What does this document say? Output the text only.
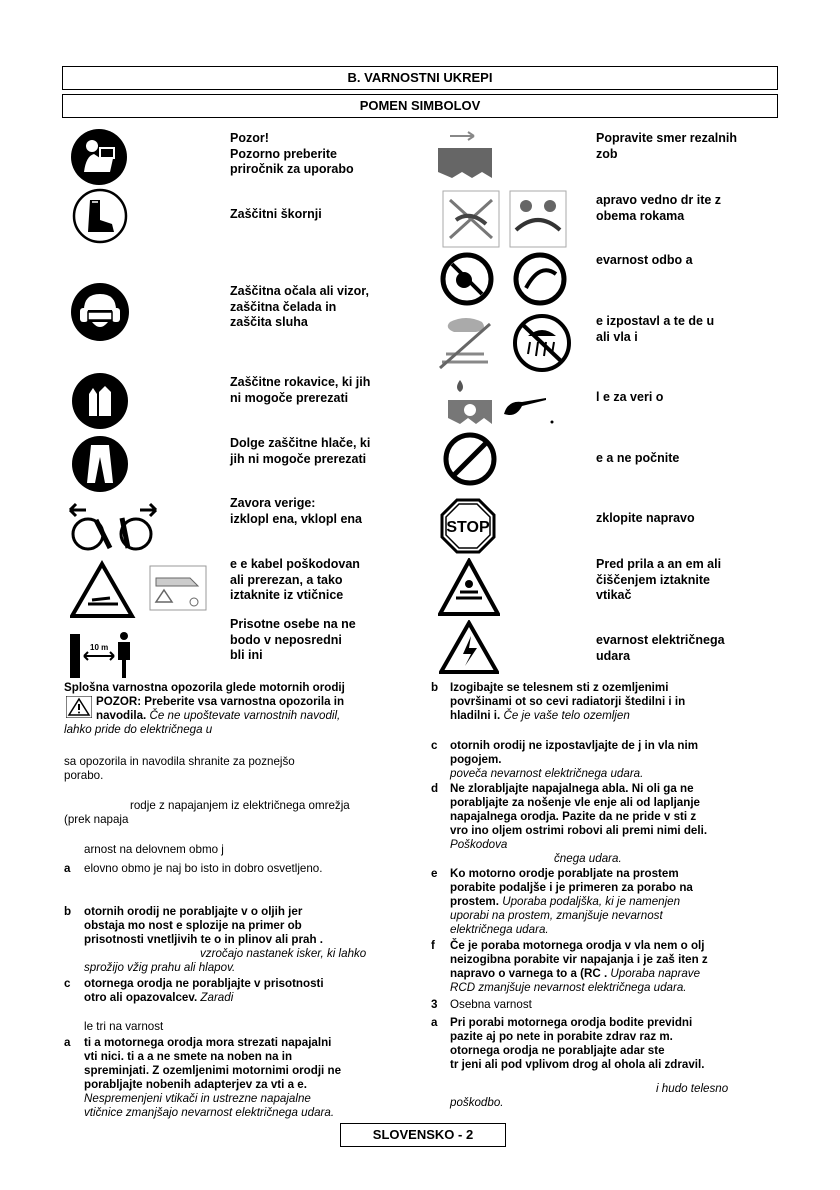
B. VARNOSTNI UKREPI
POMEN SIMBOLOV
10 m
Pozor!
Pozorno preberite
priročnik za uporabo
Zaščitni škornji
Zaščitna očala ali vizor,
zaščitna čelada in
zaščita sluha
Zaščitne rokavice, ki jih
ni mogoče prerezati
Dolge zaščitne hlače, ki
jih ni mogoče prerezati
Zavora verige:
izklopl ena, vklopl ena
e e kabel poškodovan
ali prerezan, a tako
iztaknite iz vtičnice
Prisotne osebe na ne
bodo v neposredni
bli ini
STOP
Popravite smer rezalnih
zob
apravo vedno dr ite z
obema rokama
evarnost odbo a
e izpostavl a te de u
ali vla i
l e za veri o
e a ne počnite
zklopite napravo
Pred prila a an em ali
čiščenjem iztaknite
vtikač
evarnost električnega
udara
Splošna varnostna opozorila glede motornih orodij
POZOR: Preberite vsa varnostna opozorila in
navodila. Če ne upoštevate varnostnih navodil,
lahko pride do električnega u
sa opozorila in navodila shranite za poznejšo
porabo.
rodje z napajanjem iz električnega omrežja
(prek napaja
arnost na delovnem obmo j
a elovno obmo je naj bo isto in dobro osvetljeno.
b otornih orodij ne porabljajte v o oljih jer
obstaja mo nost e splozije na primer ob
prisotnosti vnetljivih te o in plinov ali prah .
vzročajo nastanek isker, ki lahko
sprožijo vžig prahu ali hlapov.
c otornega orodja ne porabljajte v prisotnosti
otro ali opazovalcev. Zaradi
le tri na varnost
a ti a motornega orodja mora strezati napajalni
vti nici. ti a a ne smete na noben na in
spreminjati. Z ozemljenimi motornimi orodji ne
porabljajte nobenih adapterjev za vti a e.
Nespremenjeni vtikači in ustrezne napajalne
vtičnice zmanjšajo nevarnost električnega udara.
b Izogibajte se telesnem sti z ozemljenimi
površinami ot so cevi radiatorji štedilni i in
hladilni i. Če je vaše telo ozemljen
c otornih orodij ne izpostavljajte de j in vla nim
pogojem.
poveča nevarnost električnega udara.
d Ne zlorabljajte napajalnega abla. Ni oli ga ne
porabljajte za nošenje vle enje ali od lapljanje
napajalnega orodja. Pazite da ne pride v sti z
vro ino oljem ostrimi robovi ali premi nimi deli.
Poškodova
čnega udara.
e Ko motorno orodje porabljate na prostem
porabite podaljše i je primeren za porabo na
prostem. Uporaba podaljška, ki je namenjen
uporabi na prostem, zmanjšuje nevarnost
električnega udara.
f Če je poraba motornega orodja v vla nem o olj
neizogibna porabite vir napajanja i je zaš iten z
napravo o varnega to a (RC . Uporaba naprave
RCD zmanjšuje nevarnost električnega udara.
3 Osebna varnost
a Pri porabi motornega orodja bodite previdni
pazite aj po nete in porabite zdrav raz m.
otornega orodja ne porabljajte adar ste
tr jeni ali pod vplivom drog al ohola ali zdravil.
i hudo telesno
poškodbo.
SLOVENSKO - 2
